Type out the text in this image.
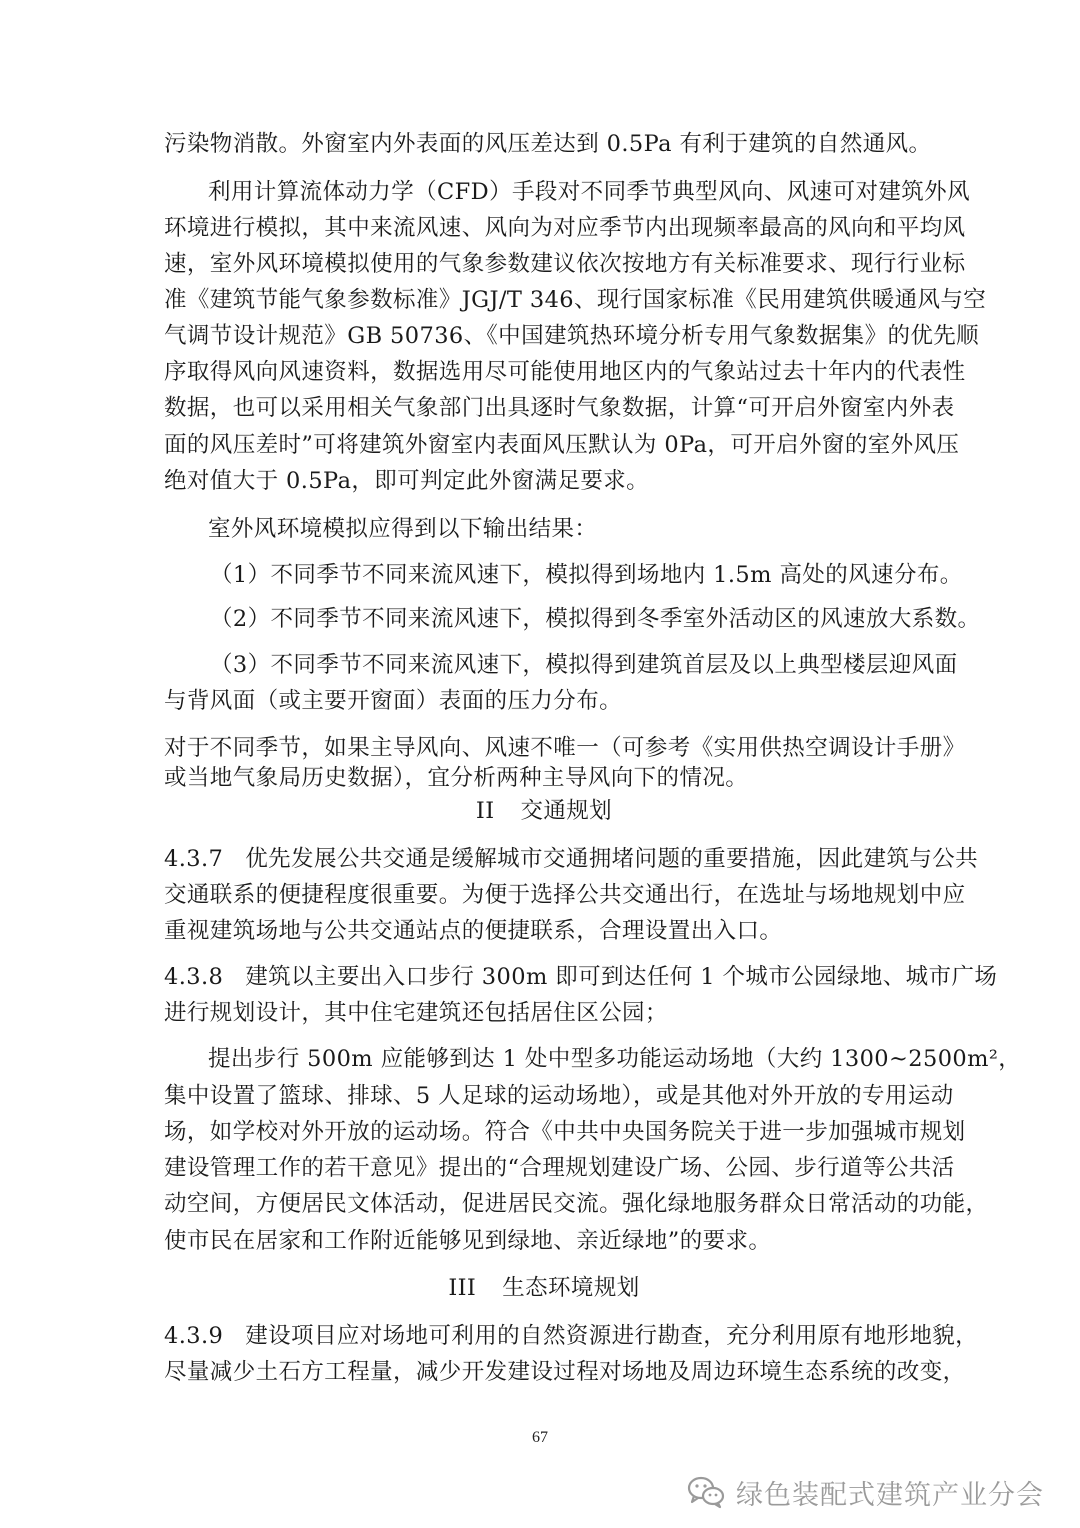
污染物消散。外窗室内外表面的风压差达到 0.5Pa 有利于建筑的自然通风。
利用计算流体动力学（CFD）手段对不同季节典型风向、风速可对建筑外风
环境进行模拟，其中来流风速、风向为对应季节内出现频率最高的风向和平均风
速，室外风环境模拟使用的气象参数建议依次按地方有关标准要求、现行行业标
准《建筑节能气象参数标准》JGJ/T 346、现行国家标准《民用建筑供暖通风与空
气调节设计规范》GB 50736、《中国建筑热环境分析专用气象数据集》的优先顺
序取得风向风速资料，数据选用尽可能使用地区内的气象站过去十年内的代表性
数据，也可以采用相关气象部门出具逐时气象数据，计算“可开启外窗室内外表
面的风压差时”可将建筑外窗室内表面风压默认为 0Pa，可开启外窗的室外风压
绝对值大于 0.5Pa，即可判定此外窗满足要求。
室外风环境模拟应得到以下输出结果：
（1）不同季节不同来流风速下，模拟得到场地内 1.5m 高处的风速分布。
（2）不同季节不同来流风速下，模拟得到冬季室外活动区的风速放大系数。
（3）不同季节不同来流风速下，模拟得到建筑首层及以上典型楼层迎风面
与背风面（或主要开窗面）表面的压力分布。
对于不同季节，如果主导风向、风速不唯一（可参考《实用供热空调设计手册》
或当地气象局历史数据），宜分析两种主导风向下的情况。
II 交通规划
4.3.7 优先发展公共交通是缓解城市交通拥堵问题的重要措施，因此建筑与公共
交通联系的便捷程度很重要。为便于选择公共交通出行，在选址与场地规划中应
重视建筑场地与公共交通站点的便捷联系，合理设置出入口。
4.3.8 建筑以主要出入口步行 300m 即可到达任何 1 个城市公园绿地、城市广场
进行规划设计，其中住宅建筑还包括居住区公园；
提出步行 500m 应能够到达 1 处中型多功能运动场地（大约 1300~2500m²，
集中设置了篮球、排球、5 人足球的运动场地），或是其他对外开放的专用运动
场，如学校对外开放的运动场。符合《中共中央国务院关于进一步加强城市规划
建设管理工作的若干意见》提出的“合理规划建设广场、公园、步行道等公共活
动空间，方便居民文体活动，促进居民交流。强化绿地服务群众日常活动的功能，
使市民在居家和工作附近能够见到绿地、亲近绿地”的要求。
III 生态环境规划
4.3.9 建设项目应对场地可利用的自然资源进行勘查，充分利用原有地形地貌，
尽量减少土石方工程量，减少开发建设过程对场地及周边环境生态系统的改变，
67
绿色装配式建筑产业分会
